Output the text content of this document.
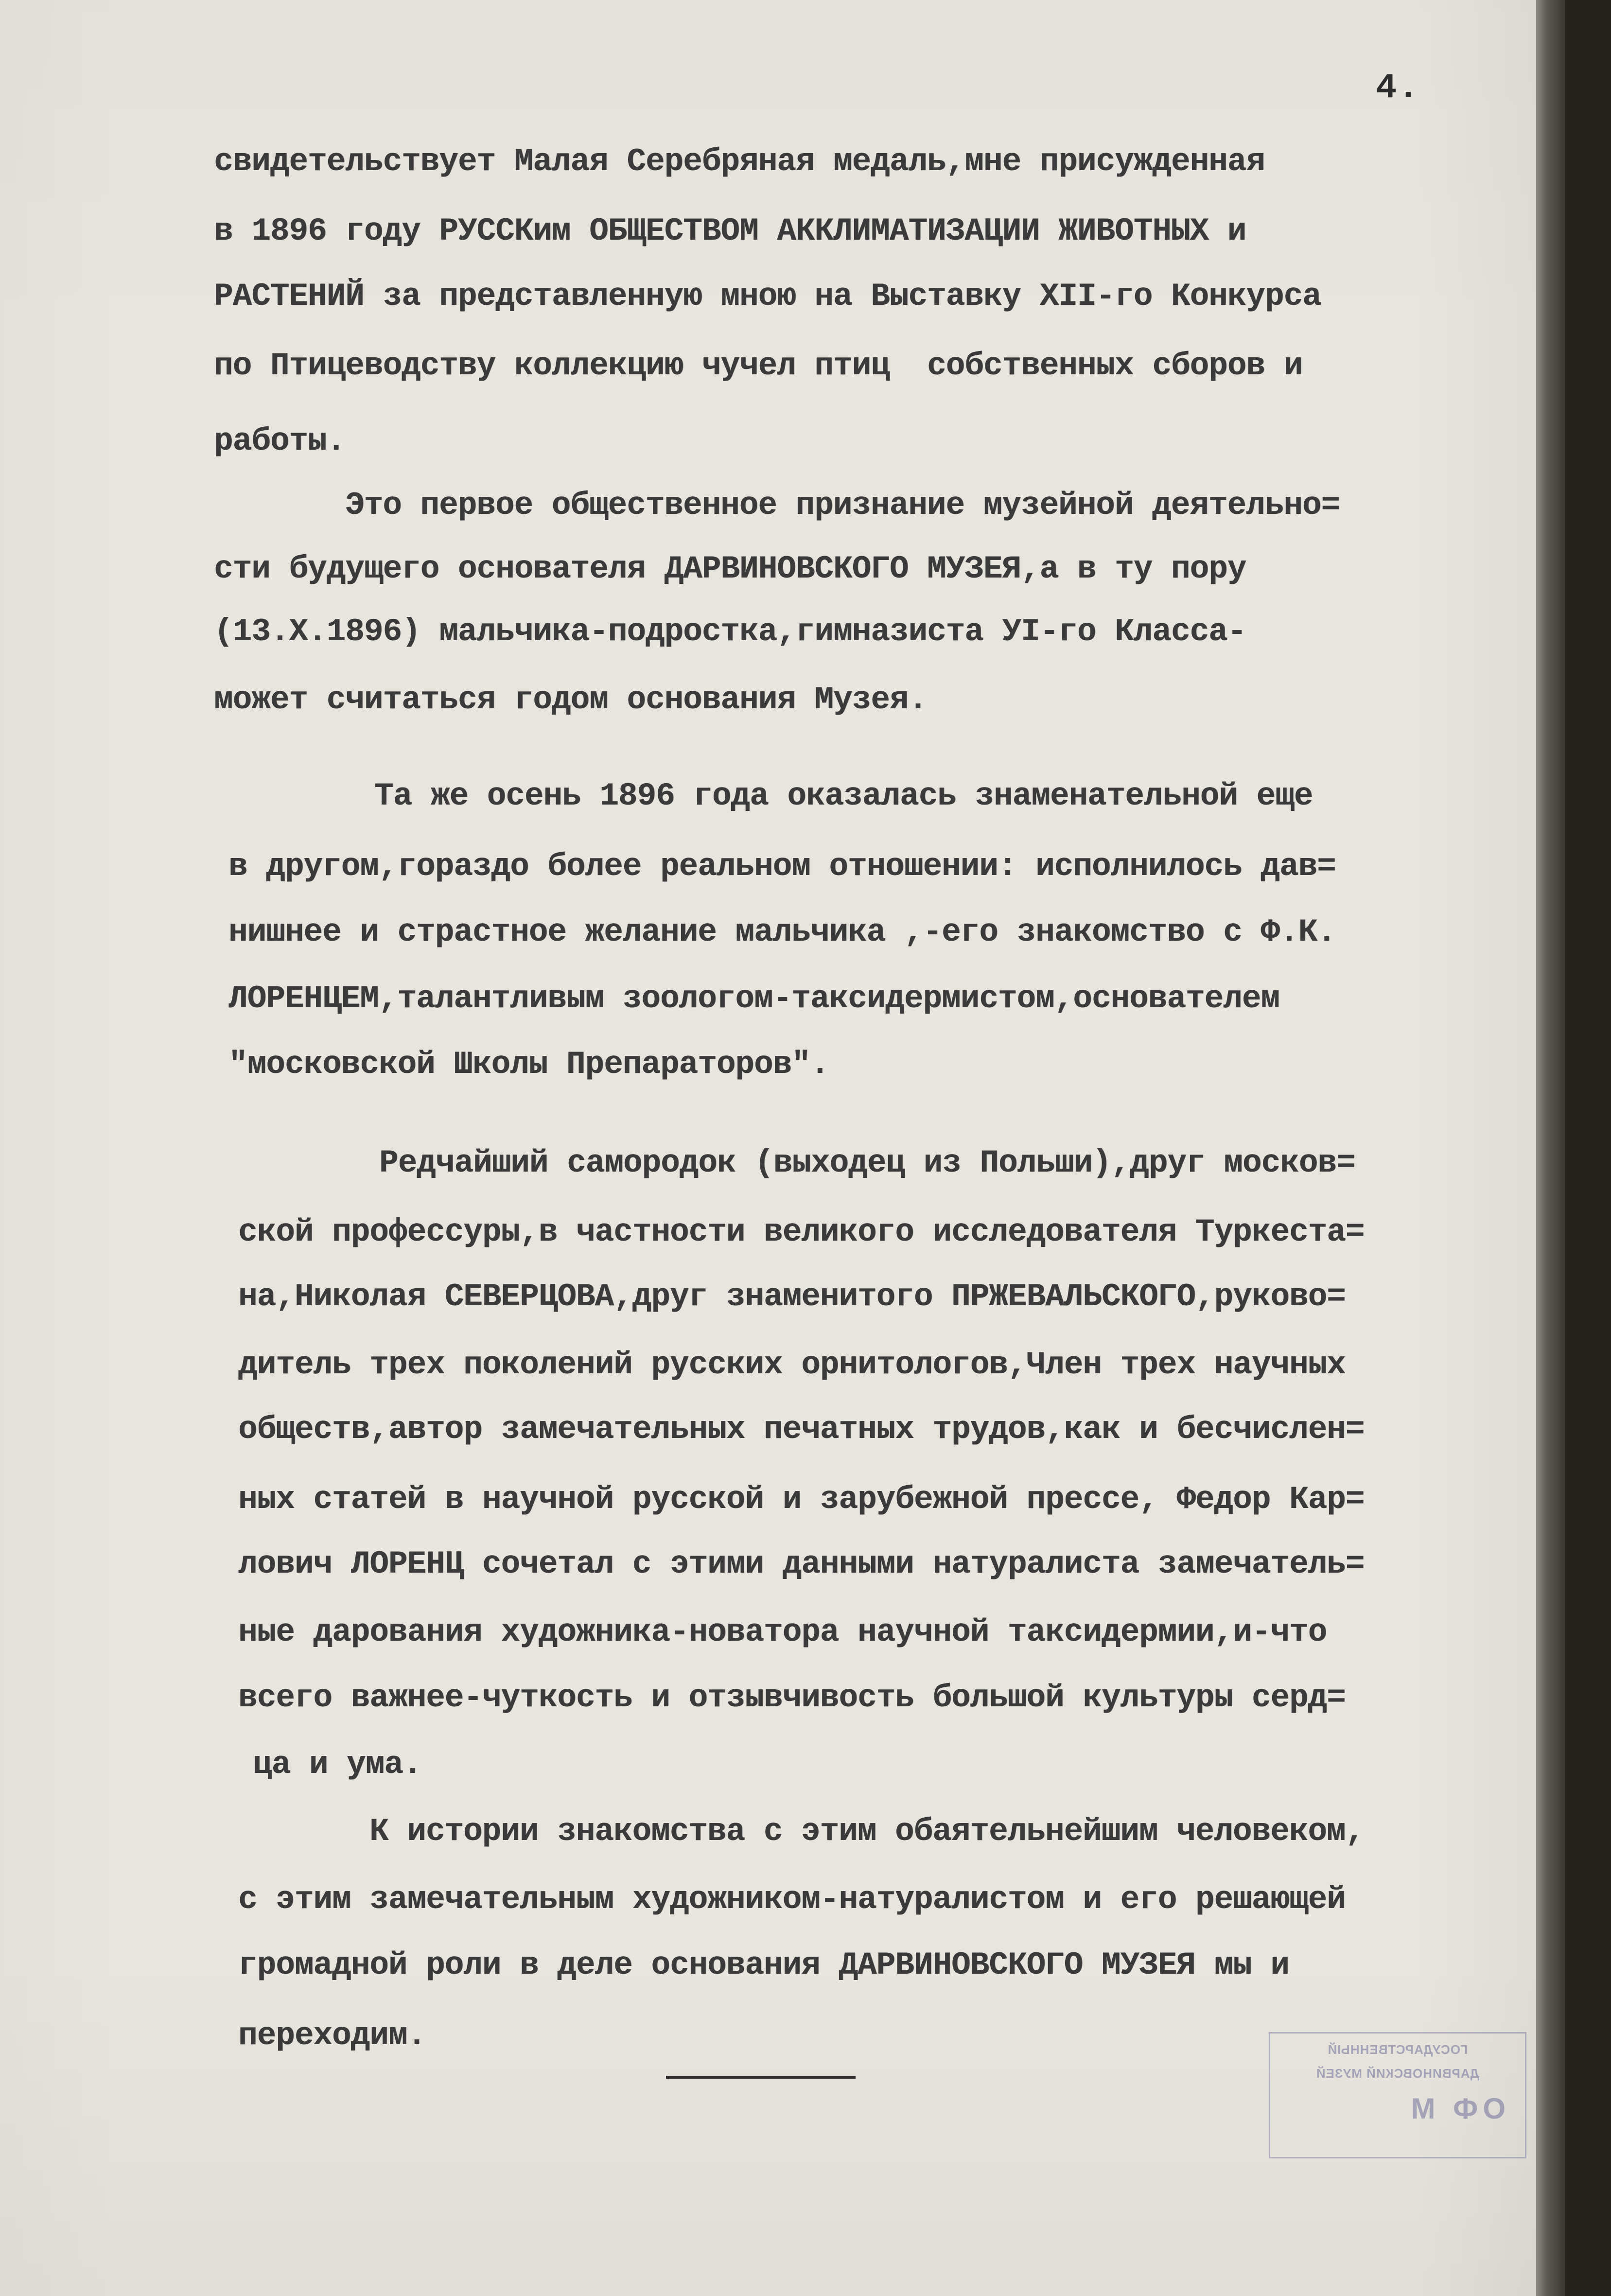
4.

свидетельствует Малая Серебряная медаль,мне присужденная

в 1896 году РУССКим ОБЩЕСТВОМ АККЛИМАТИЗАЦИИ ЖИВОТНЫХ и

РАСТЕНИЙ за представленную мною на Выставку XII-го Конкурса

по Птицеводству коллекцию чучел птиц  собственных сборов и

работы.

Это первое общественное признание музейной деятельно=

сти будущего основателя ДАРВИНОВСКОГО МУЗЕЯ,а в ту пору

(13.X.1896) мальчика-подростка,гимназиста УI-го Класса-

может считаться годом основания Музея.

Та же осень 1896 года оказалась знаменательной еще

в другом,гораздо более реальном отношении: исполнилось дав=

нишнее и страстное желание мальчика ,-его знакомство с Ф.К.

ЛОРЕНЦЕМ,талантливым зоологом-таксидермистом,основателем

"московской Школы Препараторов".

Редчайший самородок (выходец из Польши),друг москов=

ской профессуры,в частности великого исследователя Туркеста=

на,Николая СЕВЕРЦОВА,друг знаменитого ПРЖЕВАЛЬСКОГО,руково=

дитель трех поколений русских орнитологов,Член трех научных

обществ,автор замечательных печатных трудов,как и бесчислен=

ных статей в научной русской и зарубежной прессе, Федор Кар=

лович ЛОРЕНЦ сочетал с этими данными натуралиста замечатель=

ные дарования художника-новатора научной таксидермии,и-что

всего важнее-чуткость и отзывчивость большой культуры серд=

ца и ума.

К истории знакомства с этим обаятельнейшим человеком,

с этим замечательным художником-натуралистом и его решающей

громадной роли в деле основания ДАРВИНОВСКОГО МУЗЕЯ мы и

переходим.	ГОСУДАРСТВЕННЫЙ
ДАРВИНОВСКИЙ МУЗЕЙ
ОФ М
